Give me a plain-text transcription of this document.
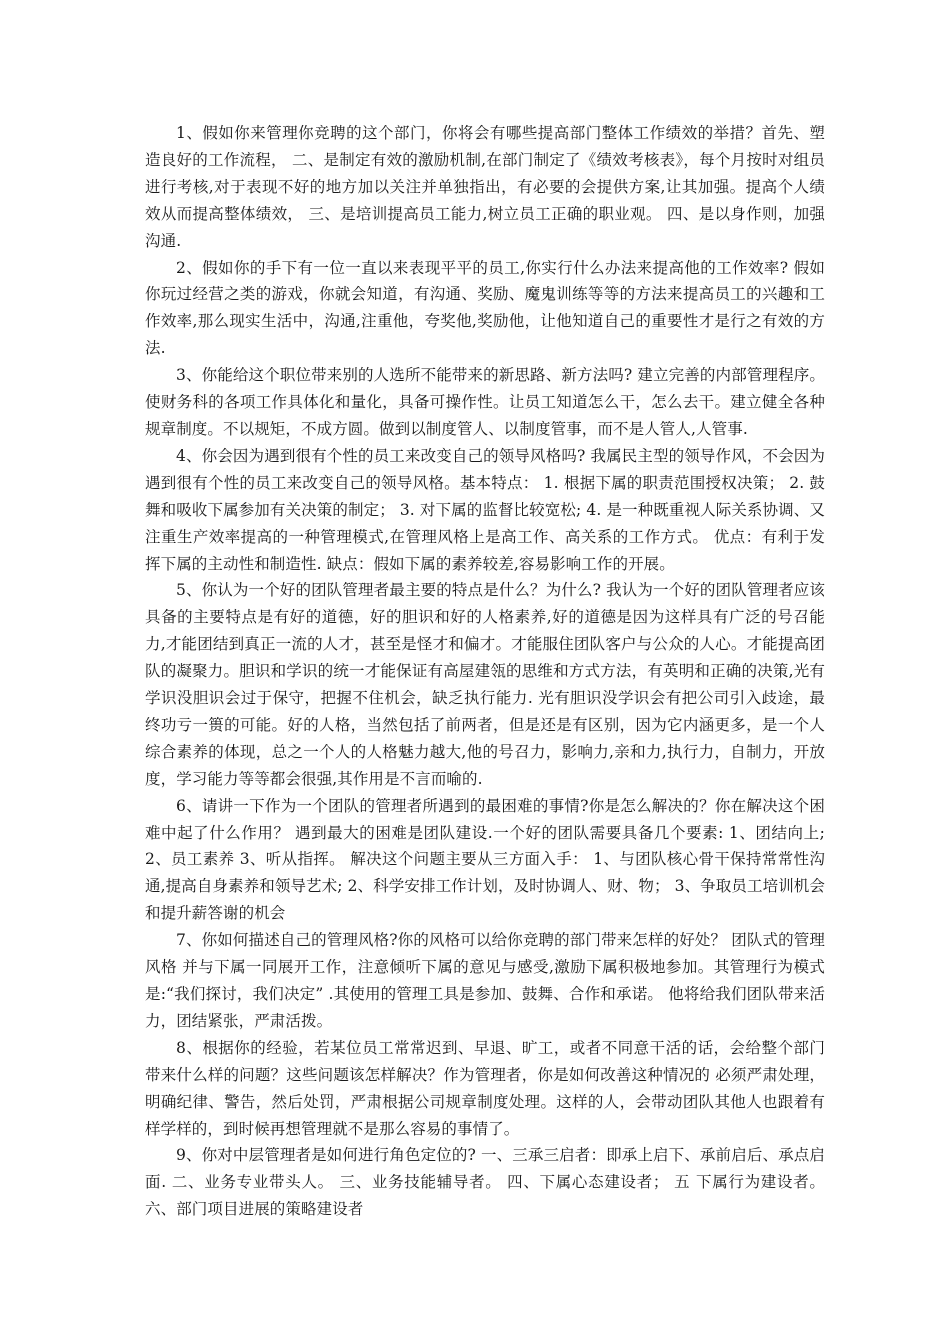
1、假如你来管理你竞聘的这个部门，你将会有哪些提高部门整体工作绩效的举措？首先、塑造良好的工作流程， 二、是制定有效的激励机制,在部门制定了《绩效考核表》，每个月按时对组员进行考核,对于表现不好的地方加以关注并单独指出，有必要的会提供方案,让其加强。提高个人绩效从而提高整体绩效， 三、是培训提高员工能力,树立员工正确的职业观。 四、是以身作则，加强沟通.

2、假如你的手下有一位一直以来表现平平的员工,你实行什么办法来提高他的工作效率? 假如你玩过经营之类的游戏，你就会知道，有沟通、奖励、魔鬼训练等等的方法来提高员工的兴趣和工作效率,那么现实生活中，沟通,注重他，夸奖他,奖励他，让他知道自己的重要性才是行之有效的方法.

3、你能给这个职位带来别的人选所不能带来的新思路、新方法吗? 建立完善的内部管理程序。使财务科的各项工作具体化和量化，具备可操作性。让员工知道怎么干，怎么去干。建立健全各种规章制度。不以规矩，不成方圆。做到以制度管人、以制度管事，而不是人管人,人管事.

4、你会因为遇到很有个性的员工来改变自己的领导风格吗? 我属民主型的领导作风，不会因为遇到很有个性的员工来改变自己的领导风格。基本特点： 1. 根据下属的职责范围授权决策； 2. 鼓舞和吸收下属参加有关决策的制定； 3. 对下属的监督比较宽松; 4. 是一种既重视人际关系协调、又注重生产效率提高的一种管理模式,在管理风格上是高工作、高关系的工作方式。 优点：有利于发挥下属的主动性和制造性. 缺点：假如下属的素养较差,容易影响工作的开展。

5、你认为一个好的团队管理者最主要的特点是什么？为什么? 我认为一个好的团队管理者应该具备的主要特点是有好的道德，好的胆识和好的人格素养,好的道德是因为这样具有广泛的号召能力,才能团结到真正一流的人才，甚至是怪才和偏才。才能服住团队客户与公众的人心。才能提高团队的凝聚力。胆识和学识的统一才能保证有高屋建瓴的思维和方式方法，有英明和正确的决策,光有学识没胆识会过于保守，把握不住机会，缺乏执行能力. 光有胆识没学识会有把公司引入歧途，最终功亏一篑的可能。好的人格，当然包括了前两者，但是还是有区别，因为它内涵更多，是一个人综合素养的体现，总之一个人的人格魅力越大,他的号召力，影响力,亲和力,执行力，自制力，开放度，学习能力等等都会很强,其作用是不言而喻的.

6、请讲一下作为一个团队的管理者所遇到的最困难的事情?你是怎么解决的？你在解决这个困难中起了什么作用？ 遇到最大的困难是团队建设.一个好的团队需要具备几个要素: 1、团结向上; 2、员工素养 3、听从指挥。 解决这个问题主要从三方面入手： 1、与团队核心骨干保持常常性沟通,提高自身素养和领导艺术; 2、科学安排工作计划，及时协调人、财、物； 3、争取员工培训机会和提升薪答谢的机会

7、你如何描述自己的管理风格?你的风格可以给你竞聘的部门带来怎样的好处？ 团队式的管理风格 并与下属一同展开工作，注意倾听下属的意见与感受,激励下属积极地参加。其管理行为模式是:“我们探讨，我们决定” .其使用的管理工具是参加、鼓舞、合作和承诺。 他将给我们团队带来活力，团结紧张，严肃活拨。

8、根据你的经验，若某位员工常常迟到、早退、旷工，或者不同意干活的话，会给整个部门带来什么样的问题？这些问题该怎样解决？作为管理者，你是如何改善这种情况的 必须严肃处理，明确纪律、警告，然后处罚，严肃根据公司规章制度处理。这样的人，会带动团队其他人也跟着有样学样的，到时候再想管理就不是那么容易的事情了。

9、你对中层管理者是如何进行角色定位的? 一、三承三启者：即承上启下、承前启后、承点启面. 二、业务专业带头人。 三、业务技能辅导者。 四、下属心态建设者； 五 下属行为建设者。 六、部门项目进展的策略建设者
